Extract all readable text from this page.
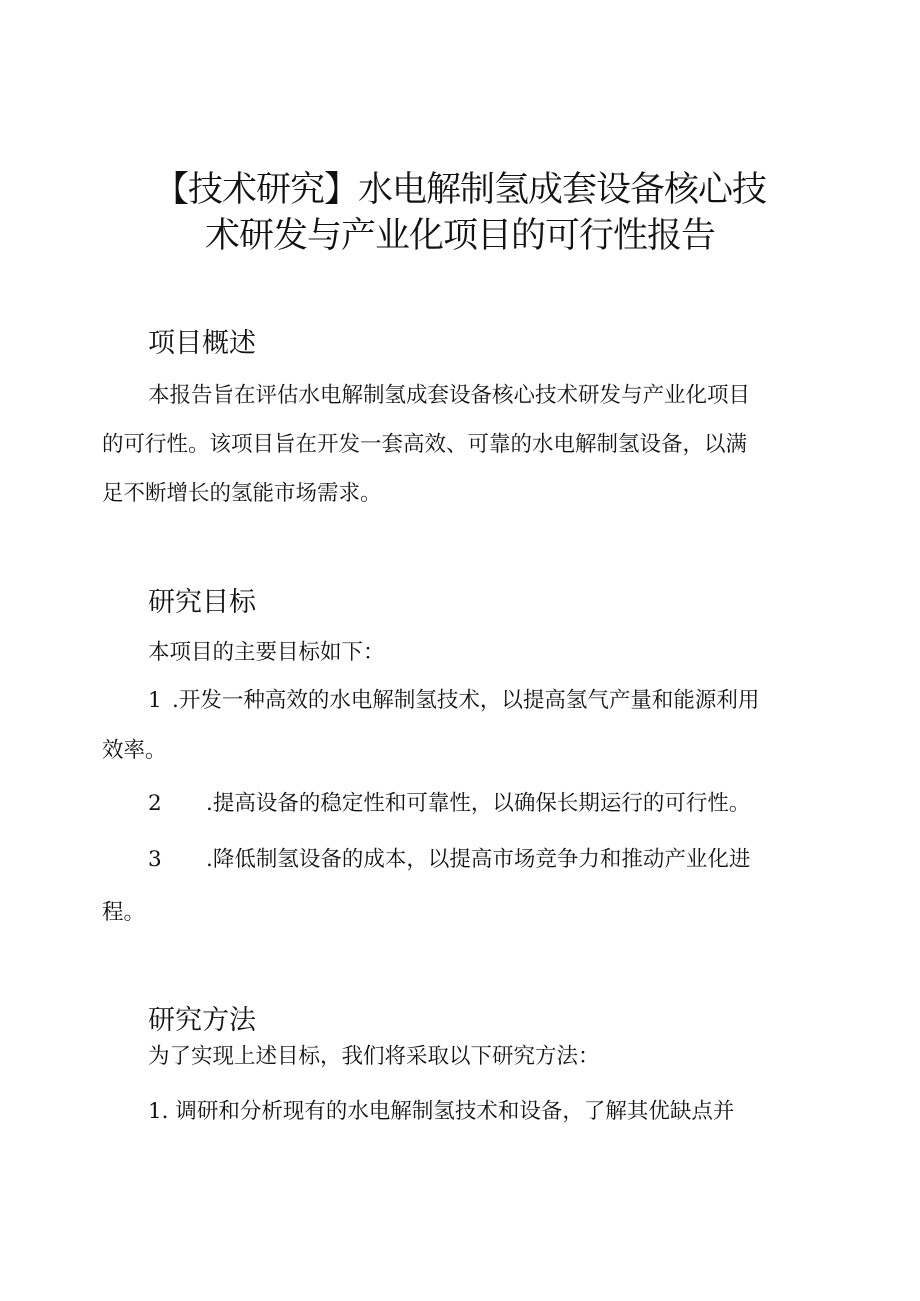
【技术研究】水电解制氢成套设备核心技
术研发与产业化项目的可行性报告
项目概述

本报告旨在评估水电解制氢成套设备核心技术研发与产业化项目

的可行性。该项目旨在开发一套高效、可靠的水电解制氢设备，以满

足不断增长的氢能市场需求。

研究目标

本项目的主要目标如下：

1 .开发一种高效的水电解制氢技术，以提高氢气产量和能源利用

效率。

2 .提高设备的稳定性和可靠性，以确保长期运行的可行性。

3 .降低制氢设备的成本，以提高市场竞争力和推动产业化进

程。

研究方法

为了实现上述目标，我们将采取以下研究方法：

1. 调研和分析现有的水电解制氢技术和设备，了解其优缺点并
